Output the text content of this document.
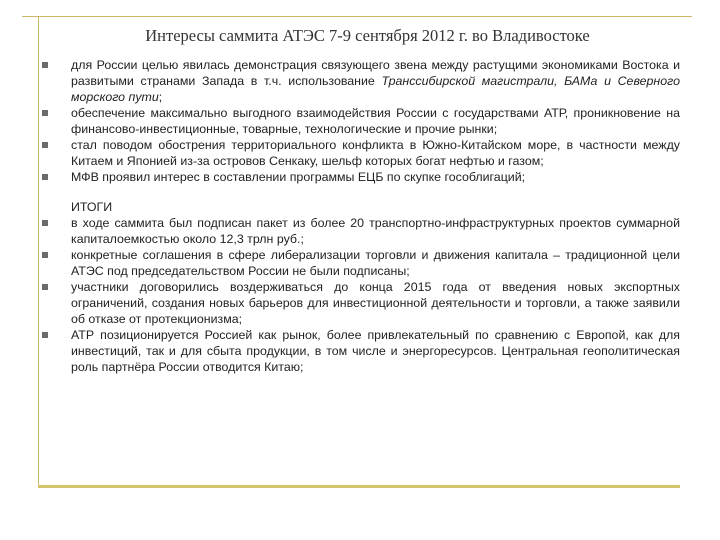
Интересы саммита АТЭС 7-9 сентября 2012 г. во Владивостоке

для России целью явилась демонстрация связующего звена между растущими экономиками Востока и развитыми странами Запада в т.ч. использование Транссибирской магистрали, БАМа и Северного морского пути;

обеспечение максимально выгодного взаимодействия России с государствами АТР, проникновение на финансово-инвестиционные, товарные, технологические и прочие рынки;

стал поводом обострения территориального конфликта в Южно-Китайском море, в частности между Китаем и Японией из-за островов Сенкаку, шельф которых богат нефтью и газом;

МФВ проявил интерес в составлении программы ЕЦБ по скупке гособлигаций;

ИТОГИ

в ходе саммита был подписан пакет из более 20 транспортно-инфраструктурных проектов суммарной капиталоемкостью около 12,3 трлн руб.;

конкретные соглашения в сфере либерализации торговли и движения капитала – традиционной цели АТЭС под председательством России не были подписаны;

участники договорились воздерживаться до конца 2015 года от введения новых экспортных ограничений, создания новых барьеров для инвестиционной деятельности и торговли, а также заявили об отказе от протекционизма;

АТР позиционируется Россией как рынок, более привлекательный по сравнению с Европой, как для инвестиций, так и для сбыта продукции, в том числе и энергоресурсов. Центральная геополитическая роль партнёра России отводится Китаю;
